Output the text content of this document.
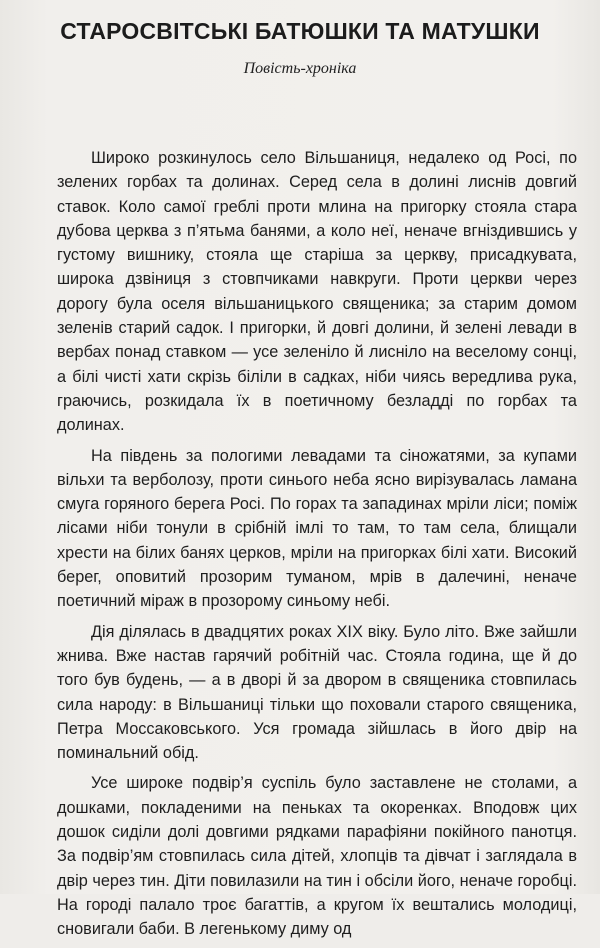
СТАРОСВІТСЬКІ БАТЮШКИ ТА МАТУШКИ

Повість-хроніка

Широко розкинулось село Вільшаниця, недалеко од Росі, по зелених горбах та долинах. Серед села в долині лиснів довгий ставок. Коло самої греблі проти млина на пригорку стояла стара дубова церква з п’ятьма банями, а коло неї, неначе вгніздившись у густому вишнику, стояла ще старіша за церкву, присадкувата, широка дзвіниця з стовпчиками навкруги. Проти церкви через дорогу була оселя вільшаницького священика; за старим домом зеленів старий садок. І пригорки, й довгі долини, й зелені левади в вербах понад ставком — усе зеленіло й лисніло на веселому сонці, а білі чисті хати скрізь біліли в садках, ніби чиясь вередлива рука, граючись, розкидала їх в поетичному безладді по горбах та долинах.

На південь за пологими левадами та сіножатями, за купами вільхи та верболозу, проти синього неба ясно вирізувалась ламана смуга горяного берега Росі. По горах та западинах мріли ліси; поміж лісами ніби тонули в срібній імлі то там, то там села, блищали хрести на білих банях церков, мріли на пригорках білі хати. Високий берег, оповитий прозорим туманом, мрів в далечині, неначе поетичний міраж в прозорому синьому небі.

Дія ділялась в двадцятих роках XIX віку. Було літо. Вже зайшли жнива. Вже настав гарячий робітній час. Стояла година, ще й до того був будень, — а в дворі й за двором в священика стовпилась сила народу: в Вільшаниці тільки що поховали старого священика, Петра Моссаковського. Уся громада зійшлась в його двір на поминальний обід.

Усе широке подвір’я суспіль було заставлене не столами, а дошками, покладеними на пеньках та окоренках. Вподовж цих дошок сиділи долі довгими рядками парафіяни покійного панотця. За подвір’ям стовпилась сила дітей, хлопців та дівчат і заглядала в двір через тин. Діти повилазили на тин і обсіли його, неначе горобці. На городі палало троє багаттів, а кругом їх вештались молодиці, сновигали баби. В легенькому диму од
